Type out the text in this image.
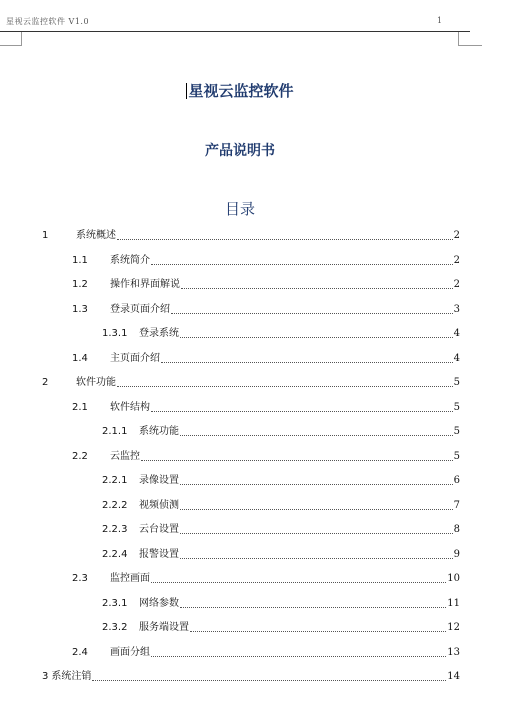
星视云监控软件 V1.0	1
星视云监控软件
产品说明书
目录
1	系统概述	2
1.1	系统简介	2
1.2	操作和界面解说	2
1.3	登录页面介绍	3
1.3.1	登录系统	4
1.4	主页面介绍	4
2	软件功能	5
2.1	软件结构	5
2.1.1	系统功能	5
2.2	云监控	5
2.2.1	录像设置	6
2.2.2	视频侦测	7
2.2.3	云台设置	8
2.2.4	报警设置	9
2.3	监控画面	10
2.3.1	网络参数	11
2.3.2	服务端设置	12
2.4	画面分组	13
3 系统注销	14
